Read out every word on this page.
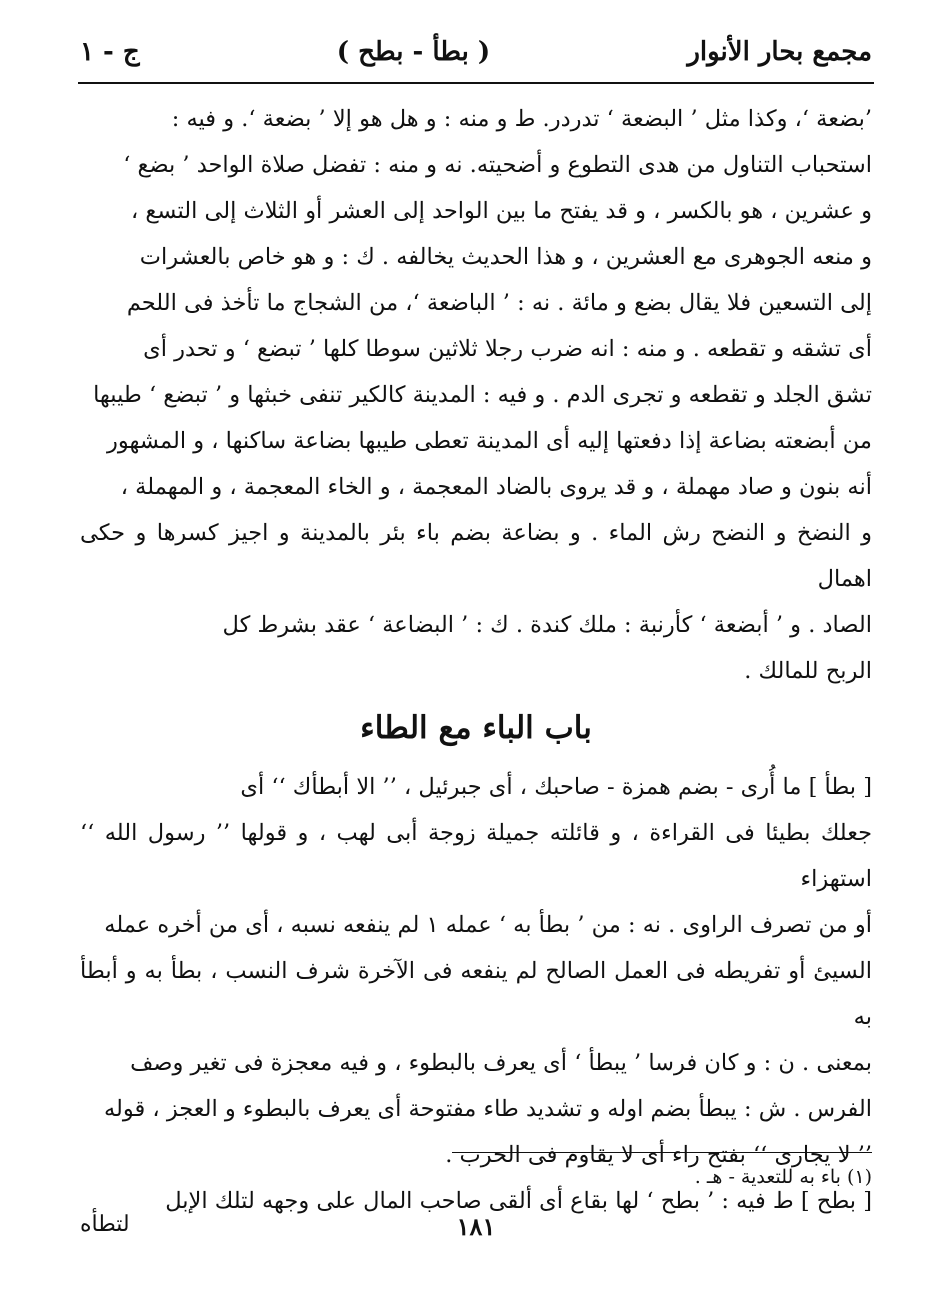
مجمع بحار الأنوار
( بطأ - بطح )
ج - ١

’بضعة ‘، وكذا مثل ’ البضعة ‘ تدردر. ط و منه : و هل هو إلا ’ بضعة ‘. و فيه :

استحباب التناول من هدى التطوع و أضحيته. نه و منه : تفضل صلاة الواحد ’ بضع ‘

و عشرين ، هو بالكسر ، و قد يفتح ما بين الواحد إلى العشر أو الثلاث إلى التسع ،

و منعه الجوهرى مع العشرين ، و هذا الحديث يخالفه . ك : و هو خاص بالعشرات

إلى التسعين فلا يقال بضع و مائة . نه : ’ الباضعة ‘، من الشجاج ما تأخذ فى اللحم

أى تشقه و تقطعه . و منه : انه ضرب رجلا ثلاثين سوطا كلها ’ تبضع ‘ و تحدر أى

تشق الجلد و تقطعه و تجرى الدم . و فيه : المدينة كالكير تنفى خبثها و ’ تبضع ‘ طيبها

من أبضعته بضاعة إذا دفعتها إليه أى المدينة تعطى طيبها بضاعة ساكنها ، و المشهور

أنه بنون و صاد مهملة ، و قد يروى بالضاد المعجمة ، و الخاء المعجمة ، و المهملة ،

و النضخ و النضح رش الماء . و بضاعة بضم باء بئر بالمدينة و اجيز كسرها و حكى اهمال

الصاد . و ’ أبضعة ‘ كأرنبة : ملك كندة . ك : ’ البضاعة ‘ عقد بشرط كل

الربح للمالك .

باب الباء مع الطاء

[ بطأ ] ما أُرى - بضم همزة - صاحبك ، أى جبرئيل ، ’’ الا أبطأك ‘‘ أى

جعلك بطيئا فى القراءة ، و قائلته جميلة زوجة أبى لهب ، و قولها ’’ رسول الله ‘‘ استهزاء

أو من تصرف الراوى . نه : من ’ بطأ به ‘ عمله ١ لم ينفعه نسبه ، أى من أخره عمله

السيئ أو تفريطه فى العمل الصالح لم ينفعه فى الآخرة شرف النسب ، بطأ به و أبطأ به

بمعنى . ن : و كان فرسا ’ يبطأ ‘ أى يعرف بالبطوء ، و فيه معجزة فى تغير وصف

الفرس . ش : يبطأ بضم اوله و تشديد طاء مفتوحة أى يعرف بالبطوء و العجز ، قوله

’’ لا يجارى ‘‘ بفتح راء أى لا يقاوم فى الحرب .

[ بطح ] ط فيه : ’ بطح ‘ لها بقاع أى ألقى صاحب المال على وجهه لتلك الإبل

(١) باء به للتعدية - هـ .
١٨١
لتطأه
